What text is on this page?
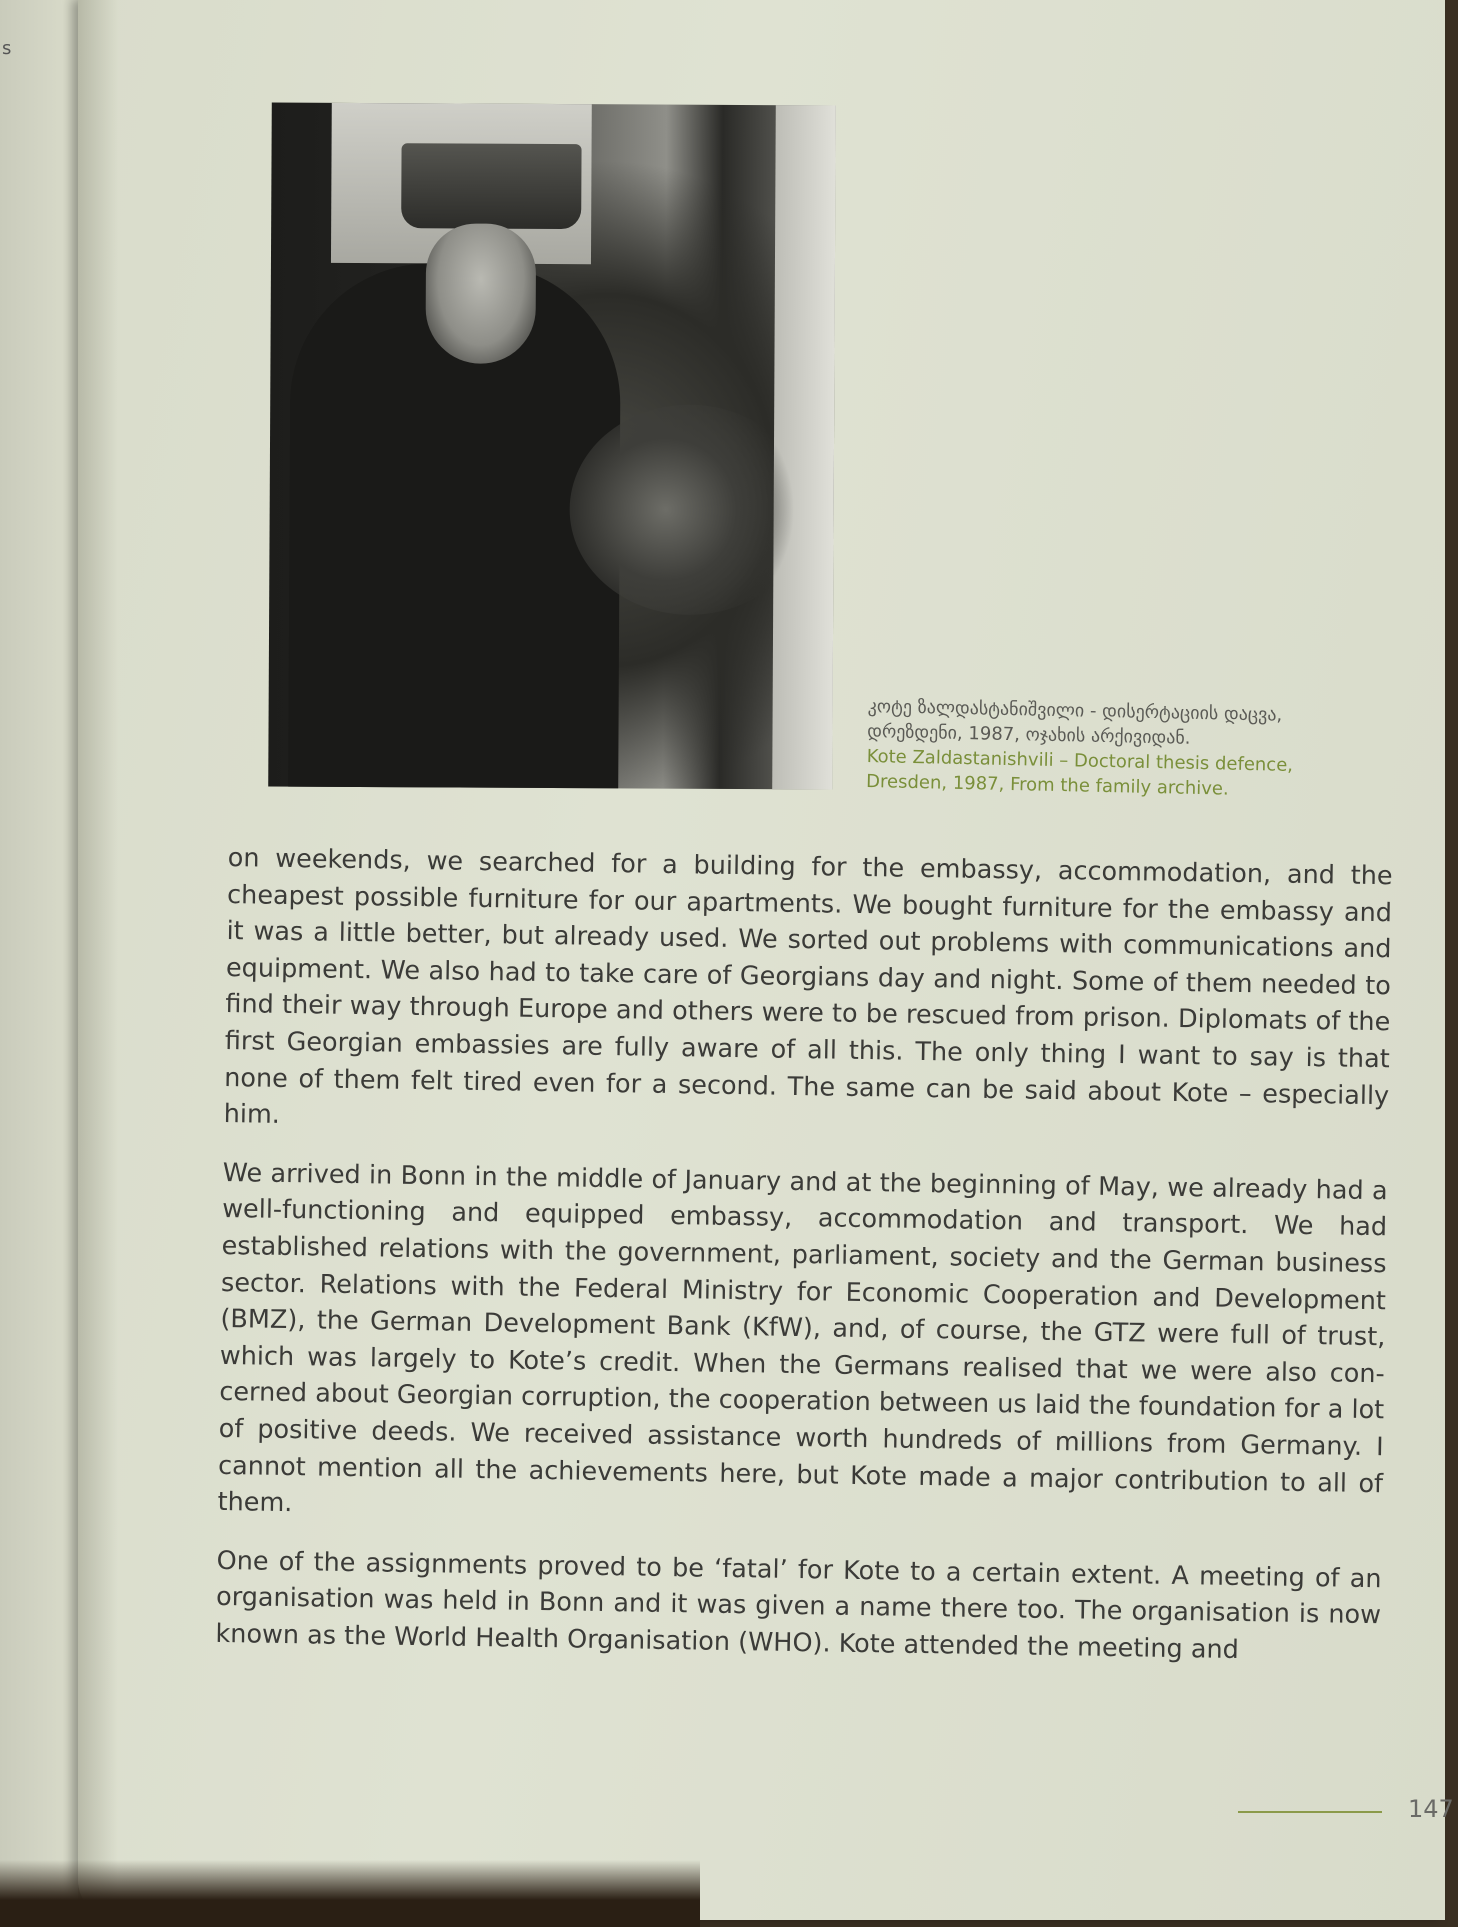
s
კოტე ზალდასტანიშვილი - დისერტაციის დაცვა,
დრეზდენი, 1987, ოჯახის არქივიდან.
Kote Zaldastanishvili – Doctoral thesis defence,
Dresden, 1987, From the family archive.

on weekends, we searched for a building for the embassy, accommodation, and the cheapest possible furniture for our apartments. We bought furniture for the embassy and it was a little better, but already used. We sorted out problems with communications and equipment. We also had to take care of Georgians day and night. Some of them needed to find their way through Europe and others were to be rescued from prison. Diplomats of the first Georgian embassies are fully aware of all this. The only thing I want to say is that none of them felt tired even for a second. The same can be said about Kote – especially him.

We arrived in Bonn in the middle of January and at the beginning of May, we already had a well-functioning and equipped embassy, accommodation and transport. We had established relations with the government, parliament, society and the German business sector. Relations with the Federal Ministry for Economic Cooperation and Development (BMZ), the German Development Bank (KfW), and, of course, the GTZ were full of trust, which was largely to Kote’s credit. When the Germans realised that we were also concerned about Georgian corruption, the cooperation between us laid the foundation for a lot of positive deeds. We received assistance worth hundreds of millions from Germany. I cannot mention all the achievements here, but Kote made a major contribution to all of them.

One of the assignments proved to be ‘fatal’ for Kote to a certain extent. A meeting of an organisation was held in Bonn and it was given a name there too. The organisation is now known as the World Health Organisation (WHO). Kote attended the meeting and

147
